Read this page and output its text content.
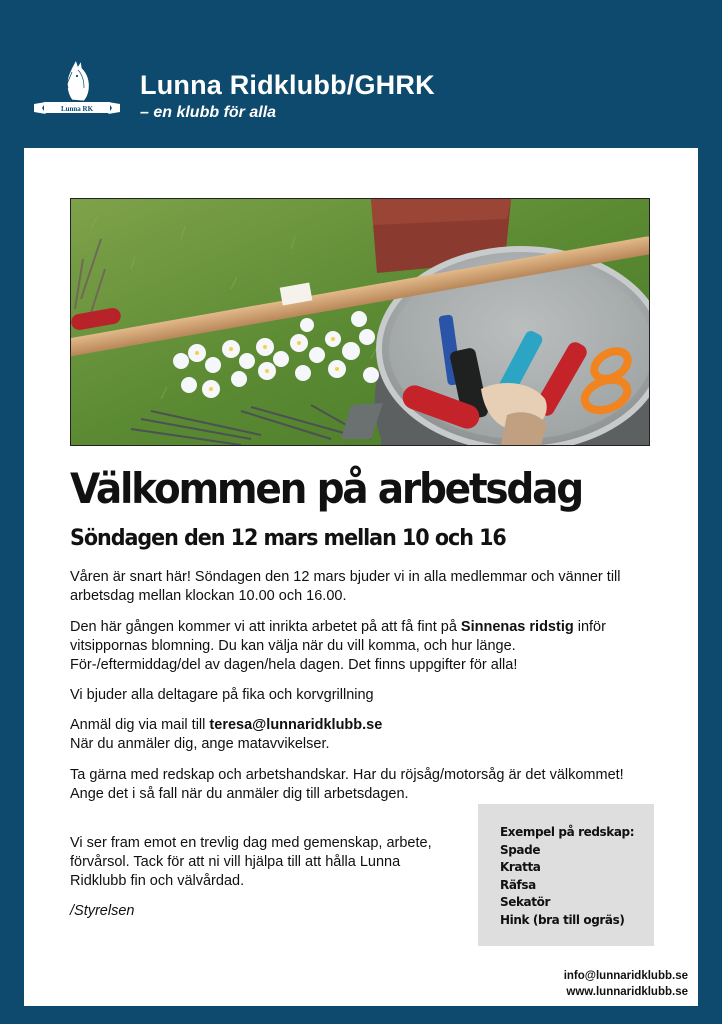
Lunna RK
Lunna Ridklubb/GHRK
– en klubb för alla
Välkommen på arbetsdag
Söndagen den 12 mars mellan 10 och 16
Våren är snart här! Söndagen den 12 mars bjuder vi in alla medlemmar och vänner till arbetsdag mellan klockan 10.00 och 16.00.
Den här gången kommer vi att inrikta arbetet på att få fint på Sinnenas ridstig inför vitsippornas blomning. Du kan välja när du vill komma, och hur länge. För-/eftermiddag/del av dagen/hela dagen. Det finns uppgifter för alla!
Vi bjuder alla deltagare på fika och korvgrillning
Anmäl dig via mail till teresa@lunnaridklubb.se
När du anmäler dig, ange matavvikelser.
Ta gärna med redskap och arbetshandskar. Har du röjsåg/motorsåg är det välkommet! Ange det i så fall när du anmäler dig till arbetsdagen.
Vi ser fram emot en trevlig dag med gemenskap, arbete, förvårsol. Tack för att ni vill hjälpa till att hålla Lunna Ridklubb fin och välvårdad.
/Styrelsen
Exempel på redskap:
Spade
Kratta
Räfsa
Sekatör
Hink (bra till ogräs)
info@lunnaridklubb.se
www.lunnaridklubb.se
